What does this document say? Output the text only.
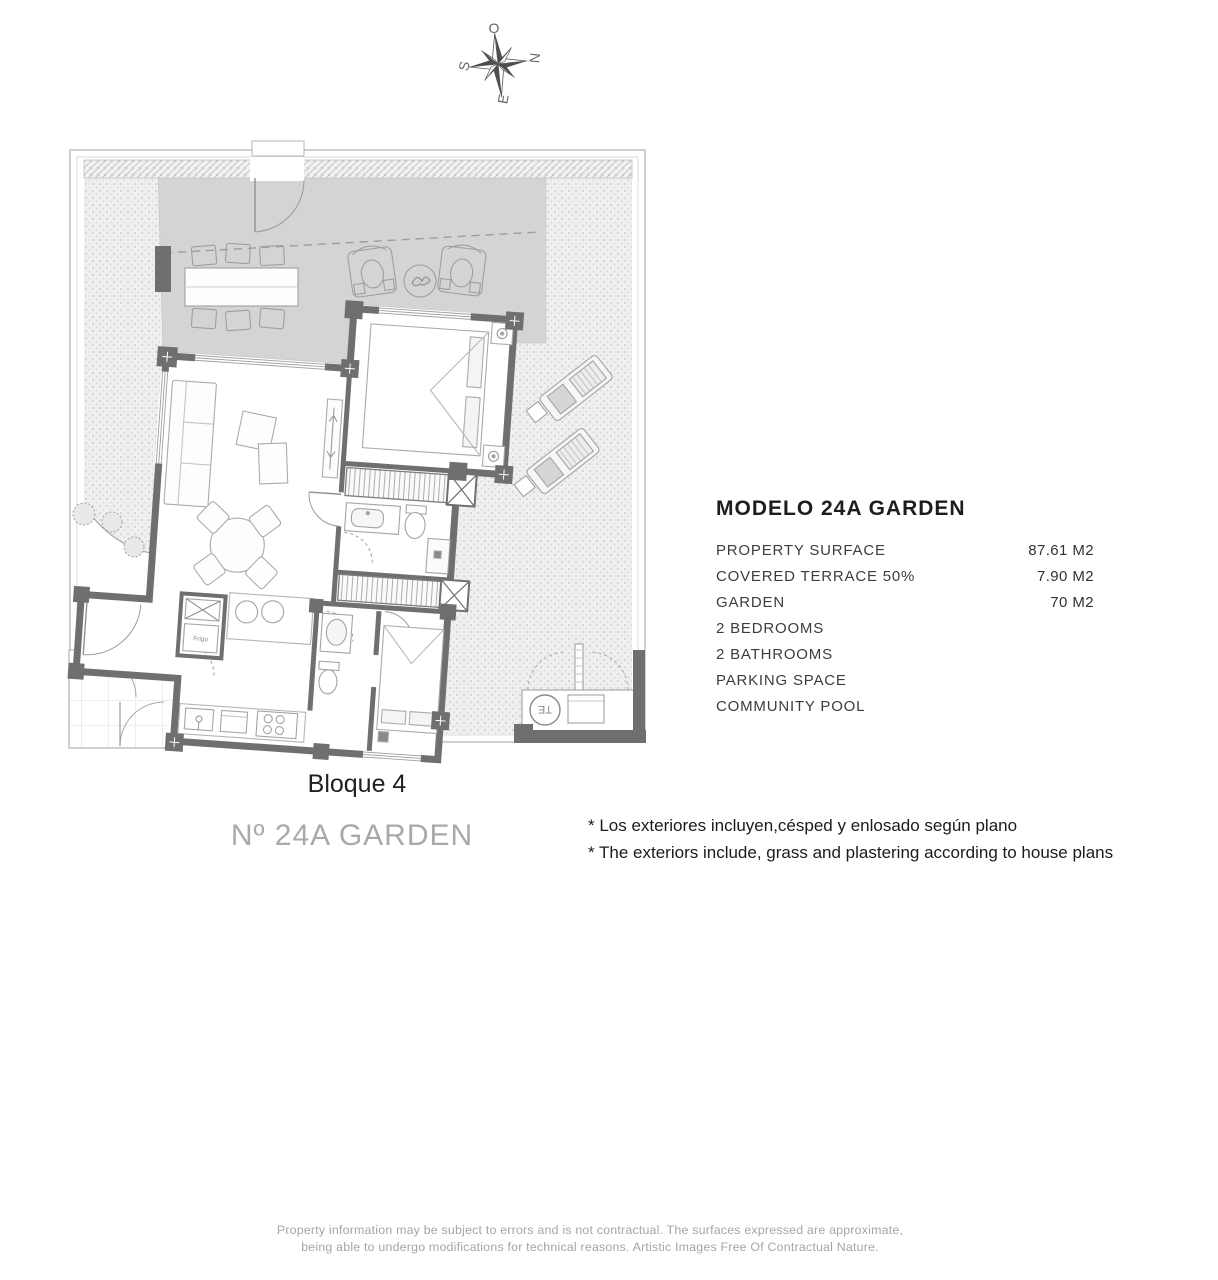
O
N
E
S
TE
Frigo
MODELO 24A GARDEN
PROPERTY SURFACE	87.61 M2
COVERED TERRACE 50%	7.90 M2
GARDEN	70 M2
2 BEDROOMS
2 BATHROOMS
PARKING SPACE
COMMUNITY POOL
Bloque 4
Nº 24A GARDEN	* Los exteriores incluyen,césped y enlosado según plano
* The exteriors include, grass and plastering according to house plans
Property information may be subject to errors and is not contractual. The surfaces expressed are approximate,
being able to undergo modifications for technical reasons. Artistic Images Free Of Contractual Nature.
